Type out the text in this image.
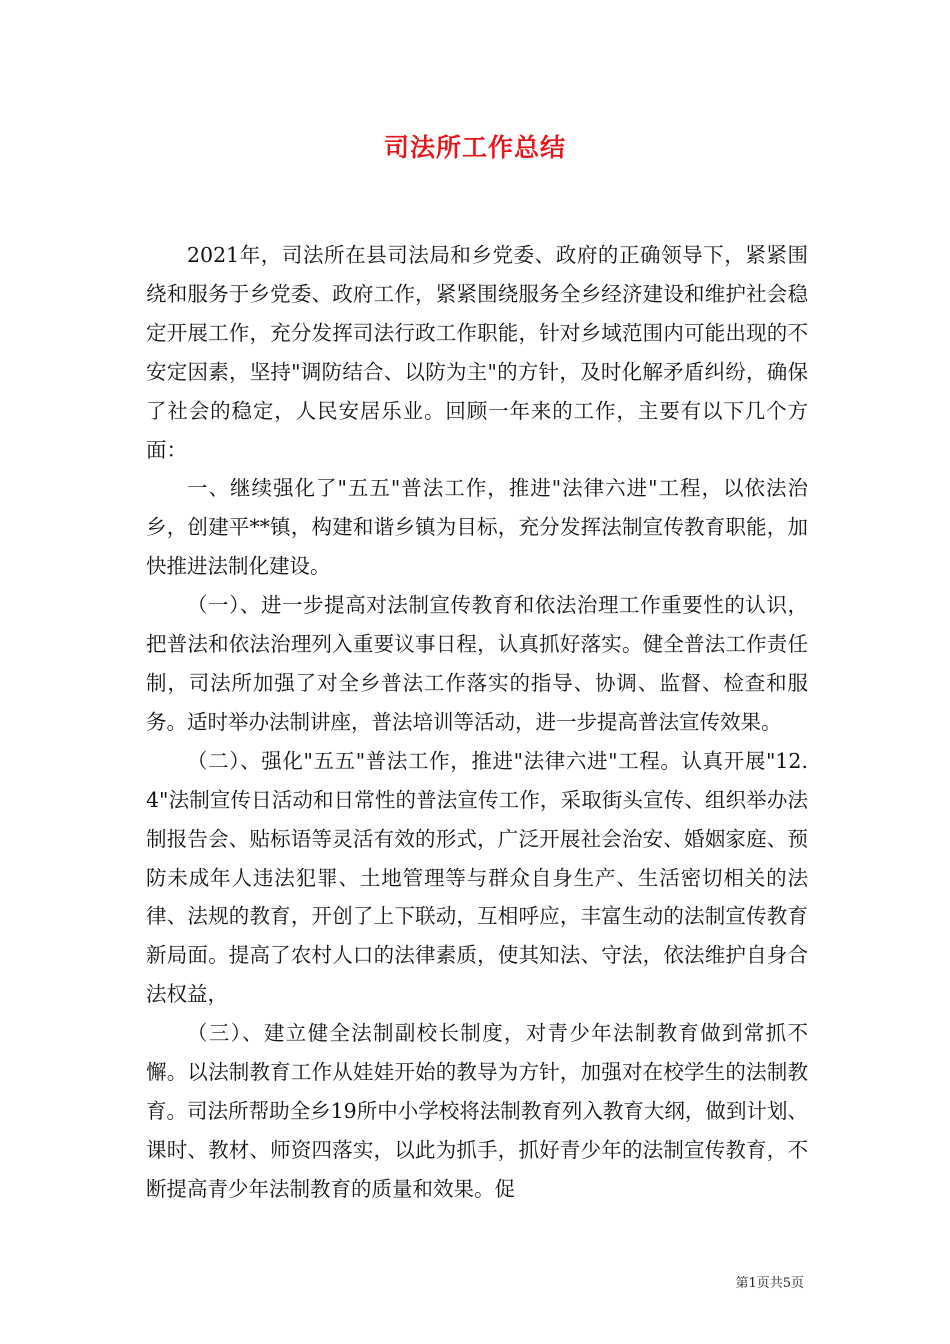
司法所工作总结

2021年，司法所在县司法局和乡党委、政府的正确领导下，紧紧围绕和服务于乡党委、政府工作，紧紧围绕服务全乡经济建设和维护社会稳定开展工作，充分发挥司法行政工作职能，针对乡域范围内可能出现的不安定因素，坚持"调防结合、以防为主"的方针，及时化解矛盾纠纷，确保了社会的稳定，人民安居乐业。回顾一年来的工作，主要有以下几个方面：

一、继续强化了"五五"普法工作，推进"法律六进"工程，以依法治乡，创建平**镇，构建和谐乡镇为目标，充分发挥法制宣传教育职能，加快推进法制化建设。

（一）、进一步提高对法制宣传教育和依法治理工作重要性的认识，把普法和依法治理列入重要议事日程，认真抓好落实。健全普法工作责任制，司法所加强了对全乡普法工作落实的指导、协调、监督、检查和服务。适时举办法制讲座，普法培训等活动，进一步提高普法宣传效果。

（二）、强化"五五"普法工作，推进"法律六进"工程。认真开展"12.4"法制宣传日活动和日常性的普法宣传工作，采取街头宣传、组织举办法制报告会、贴标语等灵活有效的形式，广泛开展社会治安、婚姻家庭、预防未成年人违法犯罪、土地管理等与群众自身生产、生活密切相关的法律、法规的教育，开创了上下联动，互相呼应，丰富生动的法制宣传教育新局面。提高了农村人口的法律素质，使其知法、守法，依法维护自身合法权益，

（三）、建立健全法制副校长制度，对青少年法制教育做到常抓不懈。以法制教育工作从娃娃开始的教导为方针，加强对在校学生的法制教育。司法所帮助全乡19所中小学校将法制教育列入教育大纲，做到计划、课时、教材、师资四落实，以此为抓手，抓好青少年的法制宣传教育，不断提高青少年法制教育的质量和效果。促

第1页共5页
